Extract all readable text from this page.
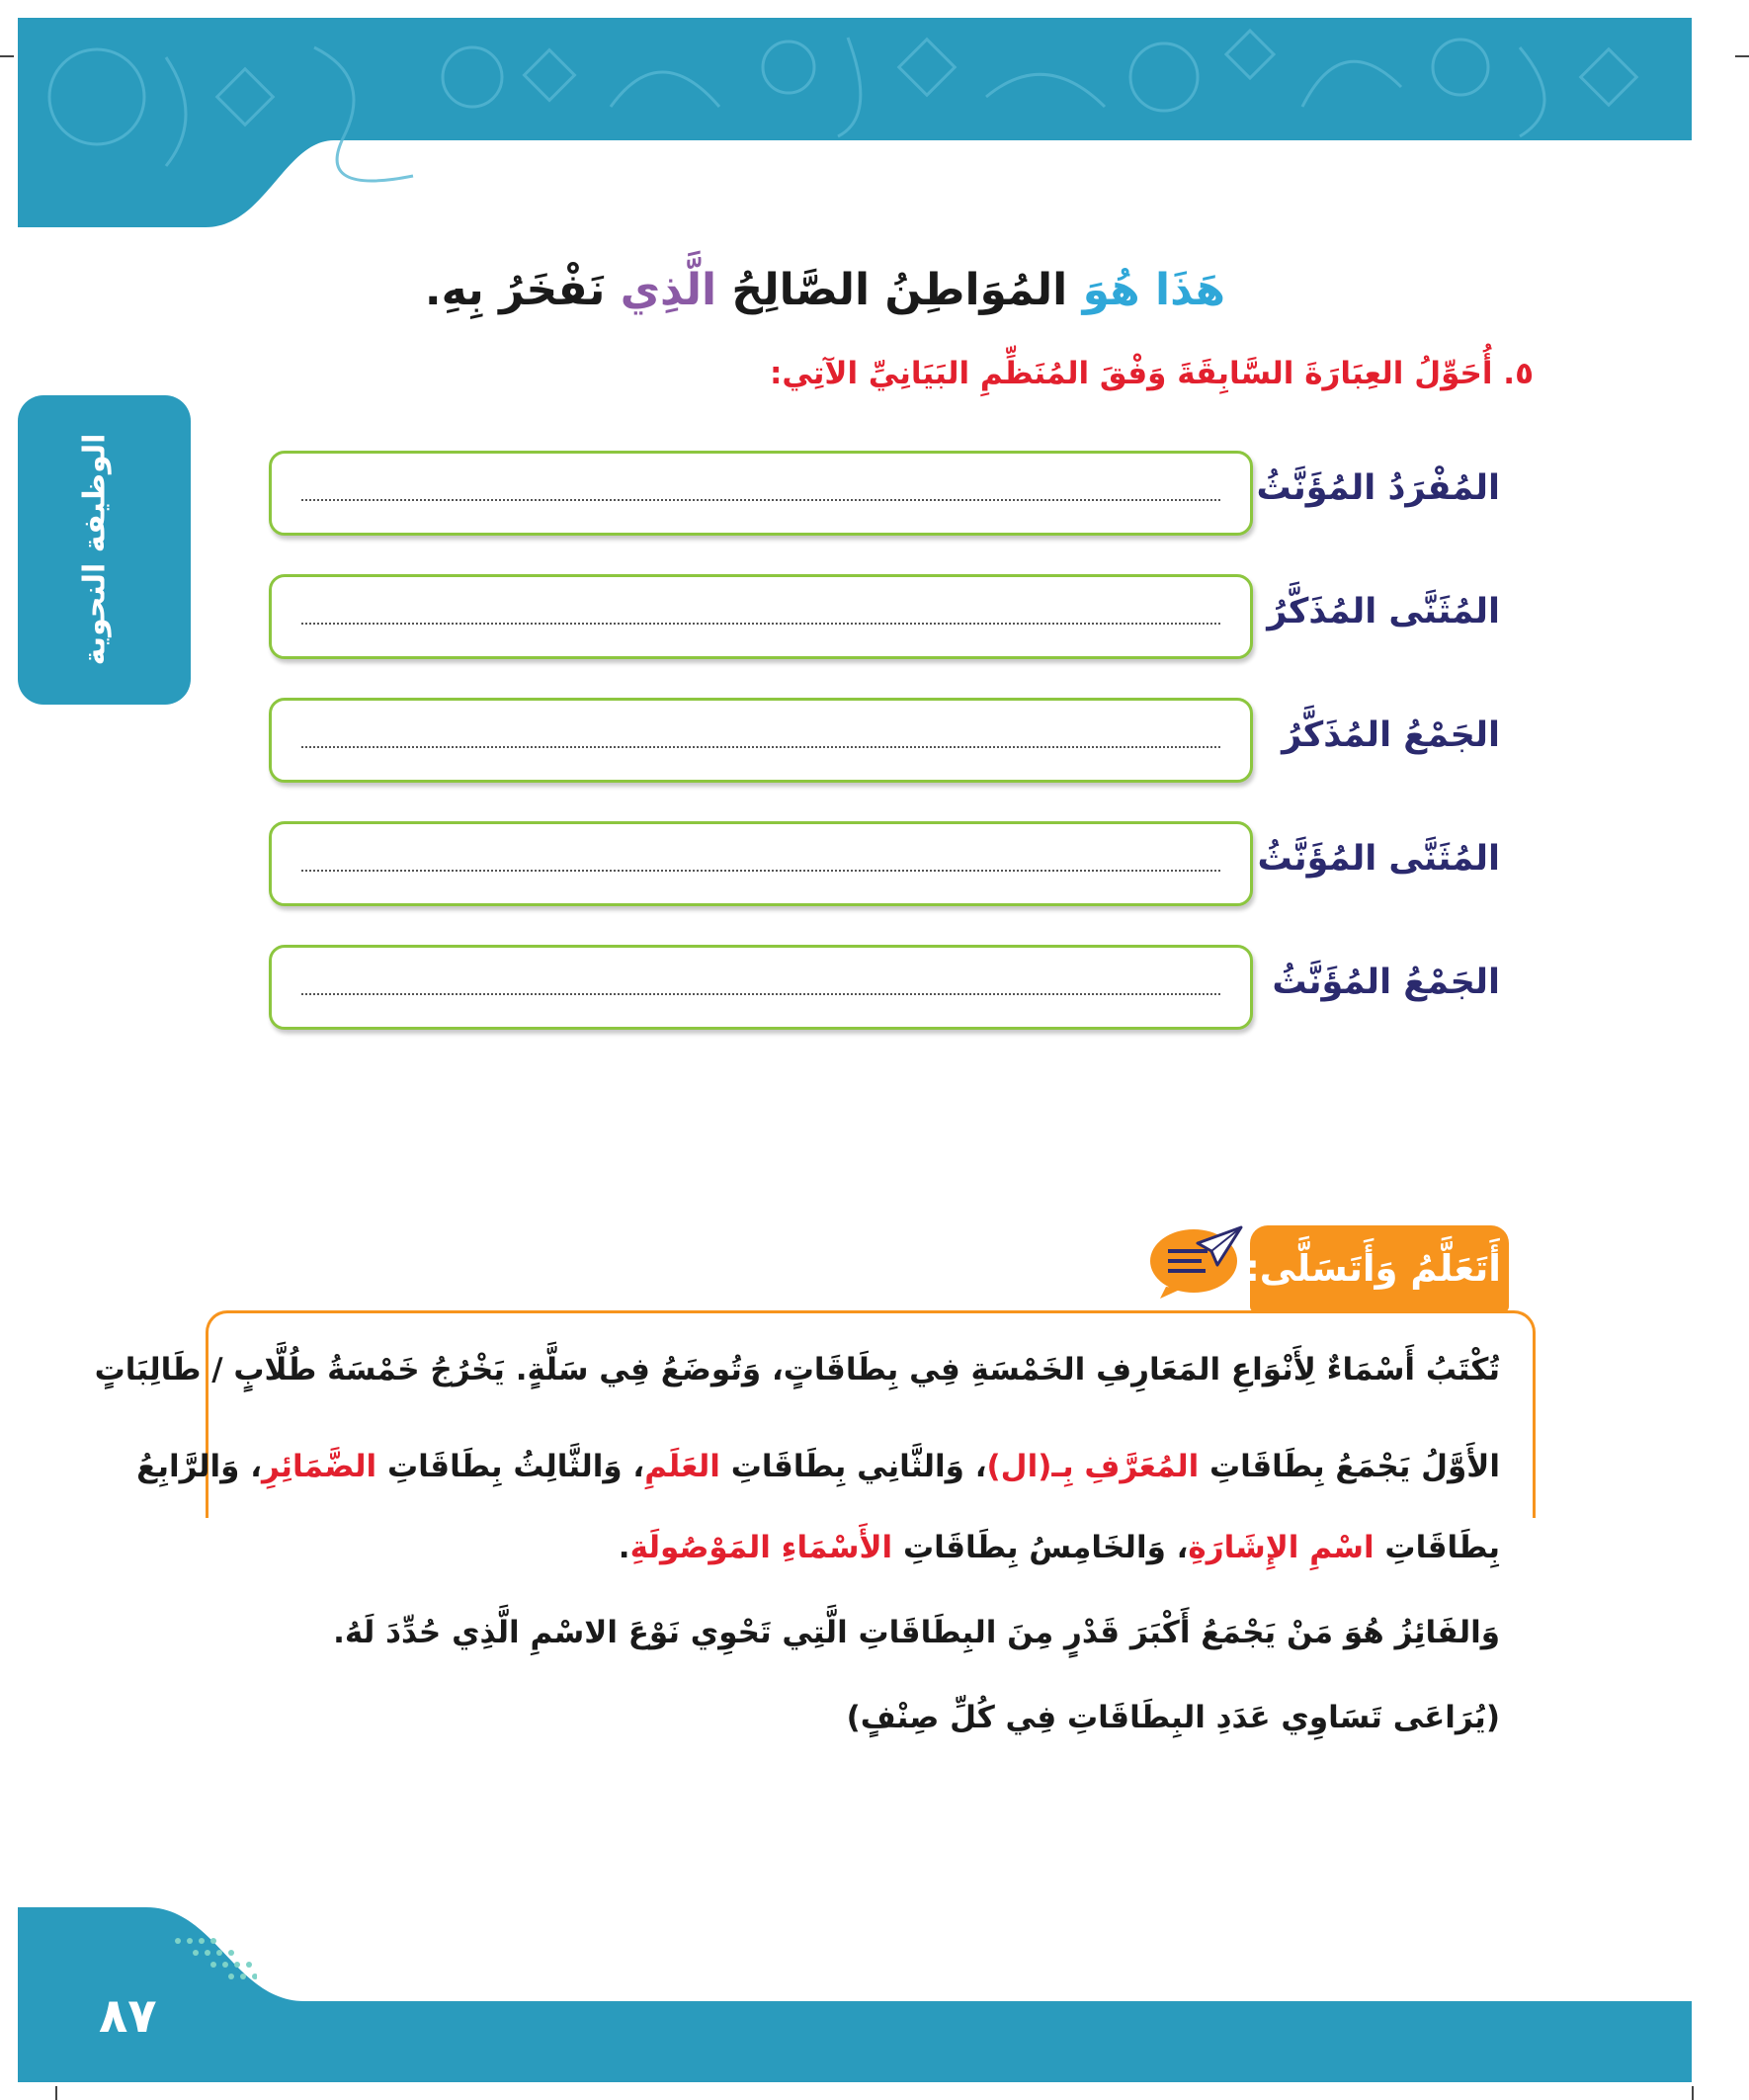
الوظيفة النحوية
هَذَا هُوَ المُوَاطِنُ الصَّالِحُ الَّذِي نَفْخَرُ بِهِ.
٥. أُحَوِّلُ العِبَارَةَ السَّابِقَةَ وَفْقَ المُنَظِّمِ البَيَانِيِّ الآتِي:
المُفْرَدُ المُؤَنَّثُ
المُثَنَّى المُذَكَّرُ
الجَمْعُ المُذَكَّرُ
المُثَنَّى المُؤَنَّثُ
الجَمْعُ المُؤَنَّثُ
أَتَعَلَّمُ وَأَتَسَلَّى:
تُكْتَبُ أَسْمَاءٌ لِأَنْوَاعِ المَعَارِفِ الخَمْسَةِ فِي بِطَاقَاتٍ، وَتُوضَعُ فِي سَلَّةٍ. يَخْرُجُ خَمْسَةُ طُلَّابٍ / طَالِبَاتٍ
الأَوَّلُ يَجْمَعُ بِطَاقَاتِ المُعَرَّفِ بِـ(ال)، وَالثَّانِي بِطَاقَاتِ العَلَمِ، وَالثَّالِثُ بِطَاقَاتِ الضَّمَائِرِ، وَالرَّابِعُ
بِطَاقَاتِ اسْمِ الإِشَارَةِ، وَالخَامِسُ بِطَاقَاتِ الأَسْمَاءِ المَوْصُولَةِ.
وَالفَائِزُ هُوَ مَنْ يَجْمَعُ أَكْبَرَ قَدْرٍ مِنَ البِطَاقَاتِ الَّتِي تَحْوِي نَوْعَ الاسْمِ الَّذِي حُدِّدَ لَهُ.
(يُرَاعَى تَسَاوِي عَدَدِ البِطَاقَاتِ فِي كُلِّ صِنْفٍ)
٨٧
